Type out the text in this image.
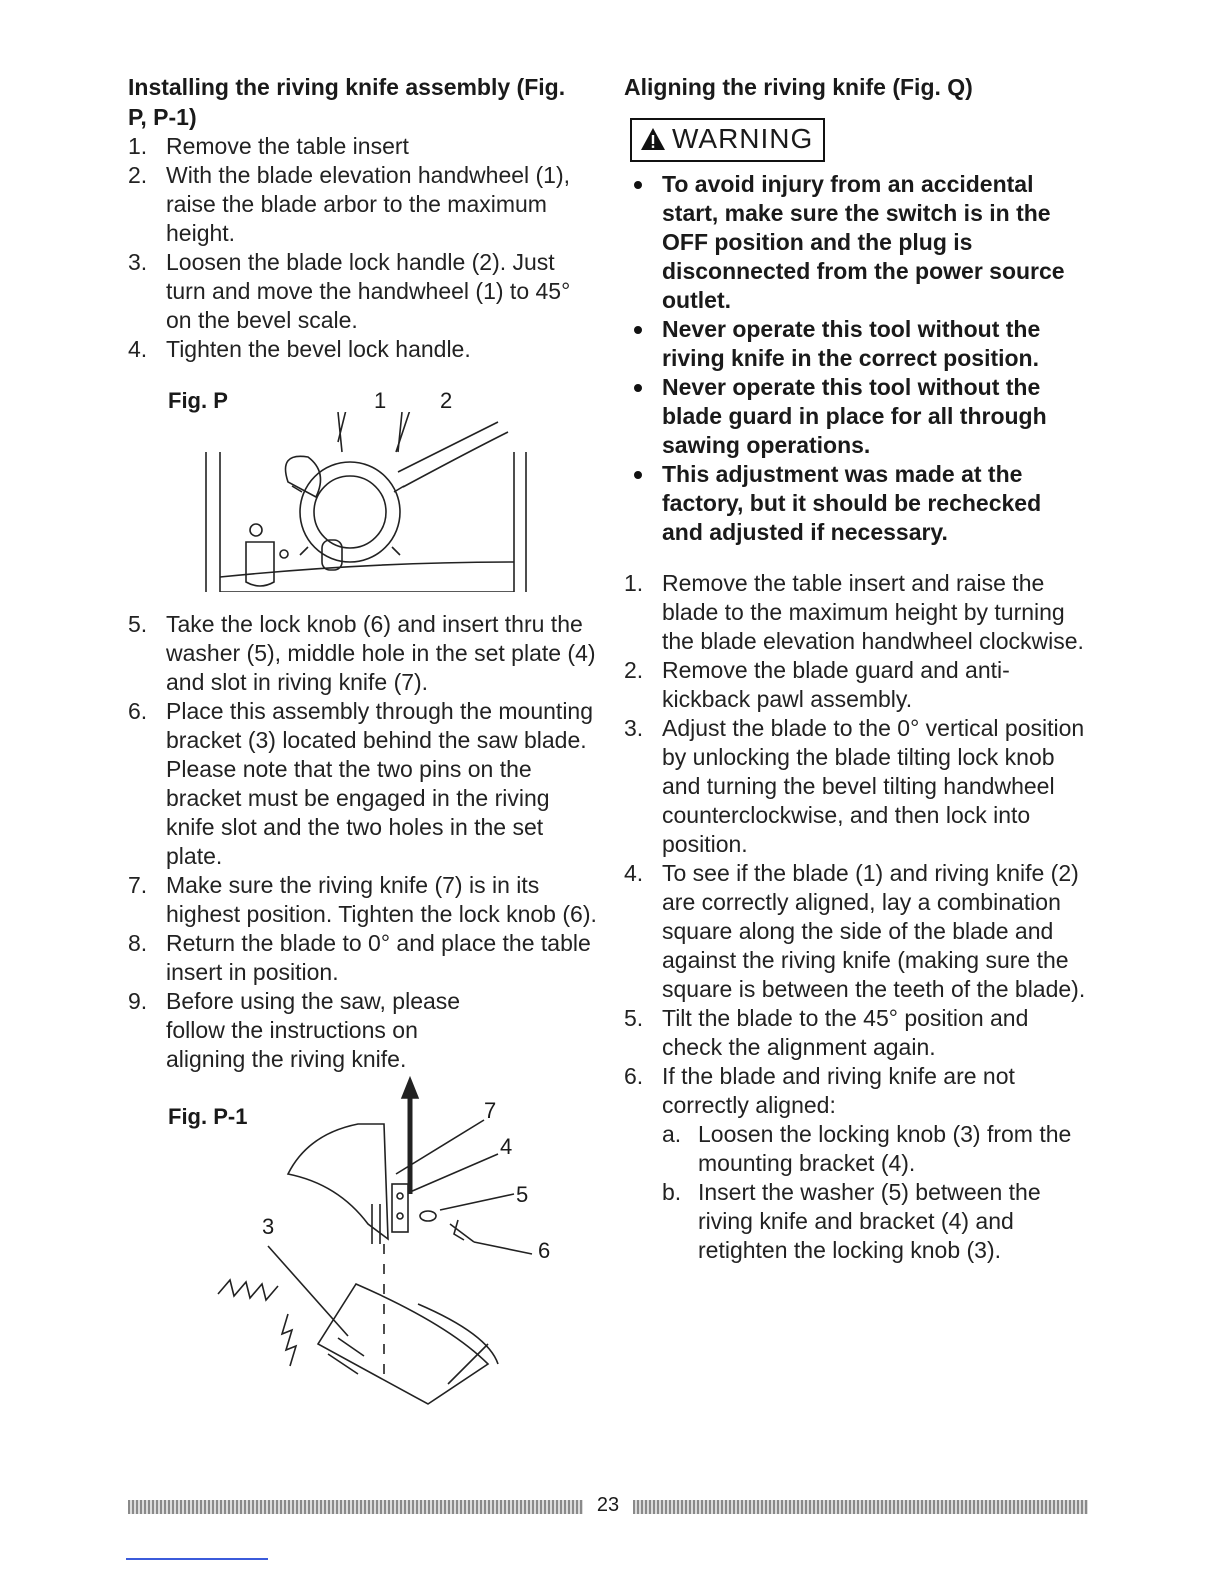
Installing the riving knife assembly (Fig. P, P-1)
1. Remove the table insert
2. With the blade elevation handwheel (1), raise the blade arbor to the maximum height.
3. Loosen the blade lock handle (2). Just turn and move the handwheel (1) to 45° on the bevel scale.
4. Tighten the bevel lock handle.
Fig. P	1 2
5. Take the lock knob (6) and insert thru the washer (5), middle hole in the set plate (4) and slot in riving knife (7).
6. Place this assembly through the mounting bracket (3) located behind the saw blade. Please note that the two pins on the bracket must be engaged in the riving knife slot and the two holes in the set plate.
7. Make sure the riving knife (7) is in its highest position. Tighten the lock knob (6).
8. Return the blade to 0° and place the table insert in position.
9. Before using the saw, please follow the instructions on aligning the riving knife.
Fig. P-1	7
4
5
3
6
Aligning the riving knife (Fig. Q)
WARNING
To avoid injury from an accidental start, make sure the switch is in the OFF position and the plug is disconnected from the power source outlet.
Never operate this tool without the riving knife in the correct position.
Never operate this tool without the blade guard in place for all through sawing operations.
This adjustment was made at the factory, but it should be rechecked and adjusted if necessary.
1. Remove the table insert and raise the blade to the maximum height by turning the blade elevation handwheel clockwise.
2. Remove the blade guard and anti-kickback pawl assembly.
3. Adjust the blade to the 0° vertical position by unlocking the blade tilting lock knob and turning the bevel tilting handwheel counterclockwise, and then lock into position.
4. To see if the blade (1) and riving knife (2) are correctly aligned, lay a combination square along the side of the blade and against the riving knife (making sure the square is between the teeth of the blade).
5. Tilt the blade to the 45° position and check the alignment again.
6. If the blade and riving knife are not correctly aligned:
a. Loosen the locking knob (3) from the mounting bracket (4).
b. Insert the washer (5) between the riving knife and bracket (4) and retighten the locking knob (3).
23
